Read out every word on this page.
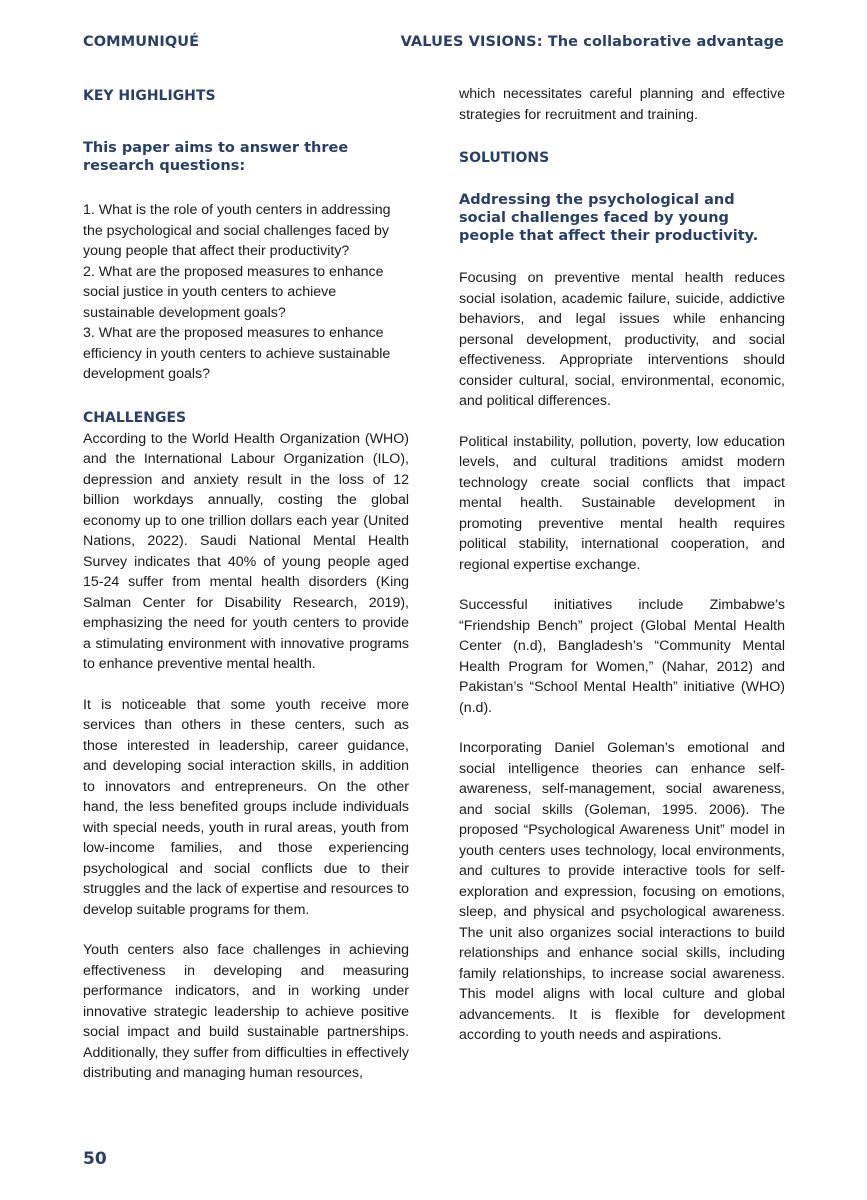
COMMUNIQUÉ	VALUES VISIONS: The collaborative advantage
KEY HIGHLIGHTS
This paper aims to answer three research questions:

1. What is the role of youth centers in addressing the psychological and social challenges faced by young people that affect their productivity?
2. What are the proposed measures to enhance social justice in youth centers to achieve sustainable development goals?
3. What are the proposed measures to enhance efficiency in youth centers to achieve sustainable development goals?

CHALLENGES

According to the World Health Organization (WHO) and the International Labour Organization (ILO), depression and anxiety result in the loss of 12 billion workdays annually, costing the global economy up to one trillion dollars each year (United Nations, 2022). Saudi National Mental Health Survey indicates that 40% of young people aged 15-24 suffer from mental health disorders (King Salman Center for Disability Research, 2019), emphasizing the need for youth centers to provide a stimulating environment with innovative programs to enhance preventive mental health.

It is noticeable that some youth receive more services than others in these centers, such as those interested in leadership, career guidance, and developing social interaction skills, in addition to innovators and entrepreneurs. On the other hand, the less benefited groups include individuals with special needs, youth in rural areas, youth from low-income families, and those experiencing psychological and social conflicts due to their struggles and the lack of expertise and resources to develop suitable programs for them.

Youth centers also face challenges in achieving effectiveness in developing and measuring performance indicators, and in working under innovative strategic leadership to achieve positive social impact and build sustainable partnerships. Additionally, they suffer from difficulties in effectively distributing and managing human resources,

which necessitates careful planning and effective strategies for recruitment and training.

SOLUTIONS
Addressing the psychological and social challenges faced by young people that affect their productivity.

Focusing on preventive mental health reduces social isolation, academic failure, suicide, addictive behaviors, and legal issues while enhancing personal development, productivity, and social effectiveness. Appropriate interventions should consider cultural, social, environmental, economic, and political differences.

Political instability, pollution, poverty, low education levels, and cultural traditions amidst modern technology create social conflicts that impact mental health. Sustainable development in promoting preventive mental health requires political stability, international cooperation, and regional expertise exchange.

Successful initiatives include Zimbabwe’s “Friendship Bench” project (Global Mental Health Center (n.d), Bangladesh’s “Community Mental Health Program for Women,” (Nahar, 2012) and Pakistan’s “School Mental Health” initiative (WHO) (n.d).

Incorporating Daniel Goleman’s emotional and social intelligence theories can enhance self-awareness, self-management, social awareness, and social skills (Goleman, 1995. 2006). The proposed “Psychological Awareness Unit” model in youth centers uses technology, local environments, and cultures to provide interactive tools for self-exploration and expression, focusing on emotions, sleep, and physical and psychological awareness. The unit also organizes social interactions to build relationships and enhance social skills, including family relationships, to increase social awareness. This model aligns with local culture and global advancements. It is flexible for development according to youth needs and aspirations.

50
